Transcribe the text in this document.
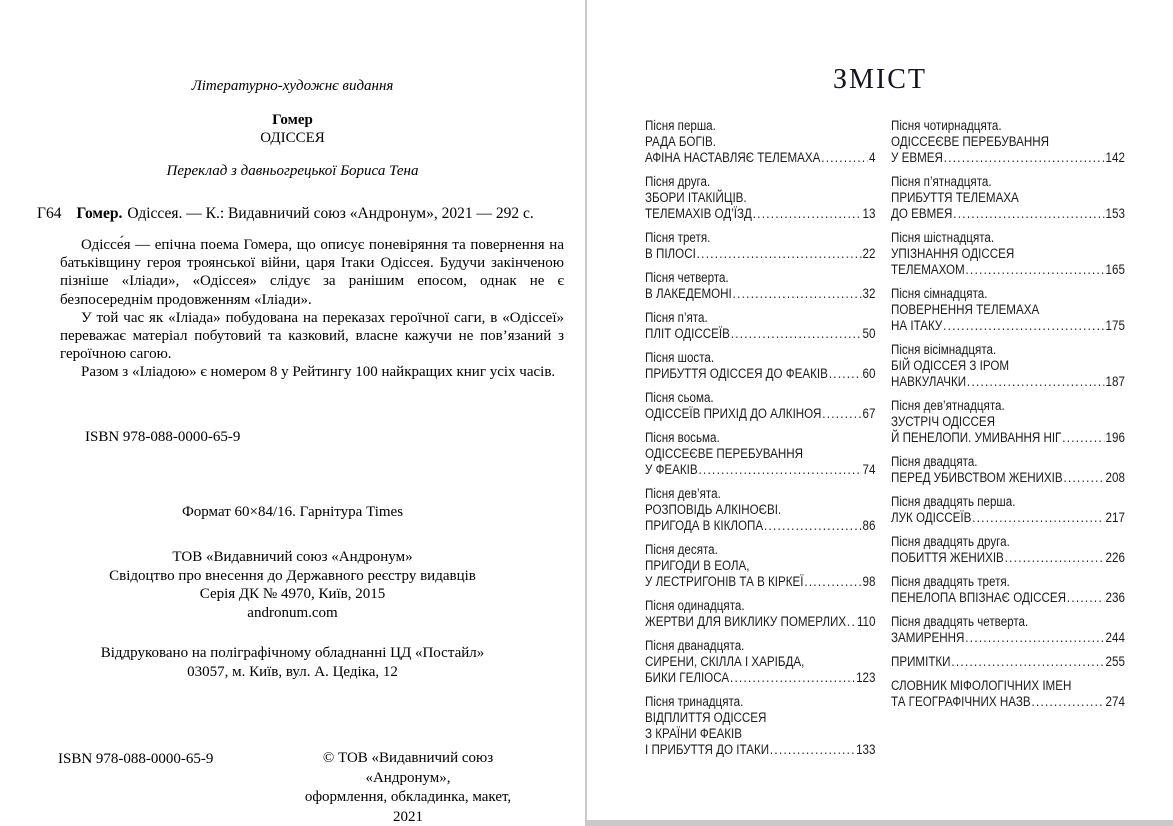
Літературно-художнє видання
Гомер
ОДІССЕЯ
Переклад з давньогрецької Бориса Тена
Г64 Гомер. Одіссея. — К.: Видавничий союз «Андронум», 2021 — 292 с.

Одіссе́я — епічна поема Гомера, що описує поневіряння та повернення на батьківщину героя троянської війни, царя Ітаки Одіссея. Будучи закінченою пізніше «Іліади», «Одіссея» слідує за ранішим епосом, однак не є безпосереднім продовженням «Іліади».

У той час як «Іліада» побудована на переказах героїчної саги, в «Одіссеї» переважає матеріал побутовий та казковий, власне кажучи не пов’язаний з героїчною сагою.

Разом з «Іліадою» є номером 8 у Рейтингу 100 найкращих книг усіх часів.

ISBN 978-088-0000-65-9
Формат 60×84/16. Гарнітура Times
ТОВ «Видавничий союз «Андронум»
Свідоцтво про внесення до Державного реєстру видавців
Серія ДК № 4970, Київ, 2015
andronum.com
Віддруковано на поліграфічному обладнанні ЦД «Постайл»
03057, м. Київ, вул. А. Цедіка, 12
ISBN 978-088-0000-65-9	© ТОВ «Видавничий союз «Андронум»,
оформлення, обкладинка, макет, 2021
ЗМІСТ
Пісня перша.
РАДА БОГІВ.
АФІНА НАСТАВЛЯЄ ТЕЛЕМАХА .....	4
Пісня друга.
ЗБОРИ ІТАКІЙЦІВ.
ТЕЛЕМАХІВ ОД’ЇЗД .....	13
Пісня третя.
В ПІЛОСІ .....	22
Пісня четверта.
В ЛАКЕДЕМОНІ .....	32
Пісня п’ята.
ПЛІТ ОДІССЕЇВ .....	50
Пісня шоста.
ПРИБУТТЯ ОДІССЕЯ ДО ФЕАКІВ .....	60
Пісня сьома.
ОДІССЕЇВ ПРИХІД ДО АЛКІНОЯ .....	67
Пісня восьма.
ОДІССЕЄВЕ ПЕРЕБУВАННЯ
У ФЕАКІВ .....	74
Пісня дев’ята.
РОЗПОВІДЬ АЛКІНОЄВІ.
ПРИГОДА В КІКЛОПА .....	86
Пісня десята.
ПРИГОДИ В ЕОЛА,
У ЛЕСТРИГОНІВ ТА В КІРКЕЇ .....	98
Пісня одинадцята.
ЖЕРТВИ ДЛЯ ВИКЛИКУ ПОМЕРЛИХ ..... 110
Пісня дванадцята.
СИРЕНИ, СКІЛЛА І ХАРІБДА,
БИКИ ГЕЛІОСА .....	123
Пісня тринадцята.
ВІДПЛИТТЯ ОДІССЕЯ
З КРАЇНИ ФЕАКІВ
І ПРИБУТТЯ ДО ІТАКИ .....	133
Пісня чотирнадцята.
ОДІССЕЄВЕ ПЕРЕБУВАННЯ
У ЕВМЕЯ .....	142
Пісня п’ятнадцята.
ПРИБУТТЯ ТЕЛЕМАХА
ДО ЕВМЕЯ .....	153
Пісня шістнадцята.
УПІЗНАННЯ ОДІССЕЯ
ТЕЛЕМАХОМ .....	165
Пісня сімнадцята.
ПОВЕРНЕННЯ ТЕЛЕМАХА
НА ІТАКУ .....	175
Пісня вісімнадцята.
БІЙ ОДІССЕЯ З ІРОМ
НАВКУЛАЧКИ .....	187
Пісня дев’ятнадцята.
ЗУСТРІЧ ОДІССЕЯ
Й ПЕНЕЛОПИ. УМИВАННЯ НІГ .....	196
Пісня двадцята.
ПЕРЕД УБИВСТВОМ ЖЕНИХІВ .....	208
Пісня двадцять перша.
ЛУК ОДІССЕЇВ .....	217
Пісня двадцять друга.
ПОБИТТЯ ЖЕНИХІВ .....	226
Пісня двадцять третя.
ПЕНЕЛОПА ВПІЗНАЄ ОДІССЕЯ .....	236
Пісня двадцять четверта.
ЗАМИРЕННЯ .....	244
ПРИМІТКИ .....	255
СЛОВНИК МІФОЛОГІЧНИХ ІМЕН
ТА ГЕОГРАФІЧНИХ НАЗВ .....	274
